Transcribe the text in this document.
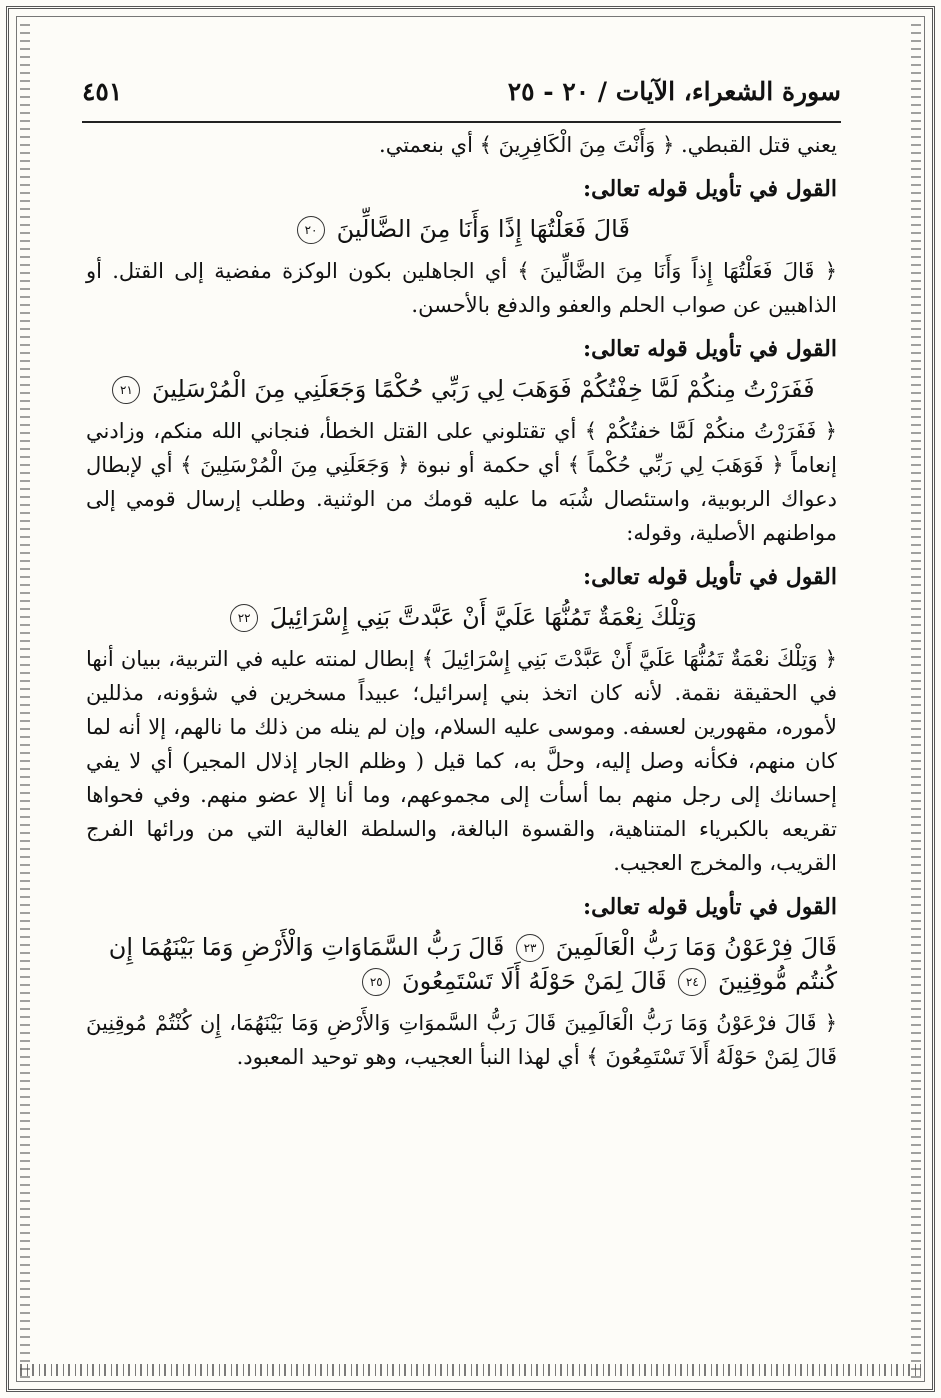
سورة الشعراء، الآيات / ٢٠ - ٢٥
٤٥١

يعني قتل القبطي. ﴿ وَأَنْتَ مِنَ الْكَافِرِينَ ﴾ أي بنعمتي.

القول في تأويل قوله تعالى:
قَالَ فَعَلْتُهَا إِذًا وَأَنَا مِنَ الضَّالِّينَ ٢٠

﴿ قَالَ فَعَلْتُهَا إِذاً وَأَنَا مِنَ الضَّالِّينَ ﴾ أي الجاهلين بكون الوكزة مفضية إلى القتل. أو الذاهبين عن صواب الحلم والعفو والدفع بالأحسن.

القول في تأويل قوله تعالى:
فَفَرَرْتُ مِنكُمْ لَمَّا خِفْتُكُمْ فَوَهَبَ لِي رَبِّي حُكْمًا وَجَعَلَنِي مِنَ الْمُرْسَلِينَ ٢١

﴿ فَفَرَرْتُ منكُمْ لَمَّا خفتُكُمْ ﴾ أي تقتلوني على القتل الخطأ، فنجاني الله منكم، وزادني إنعاماً ﴿ فَوَهَبَ لِي رَبِّي حُكْماً ﴾ أي حكمة أو نبوة ﴿ وَجَعَلَنِي مِنَ الْمُرْسَلِينَ ﴾ أي لإبطال دعواك الربوبية، واستئصال شُبَه ما عليه قومك من الوثنية. وطلب إرسال قومي إلى مواطنهم الأصلية، وقوله:

القول في تأويل قوله تعالى:
وَتِلْكَ نِعْمَةٌ تَمُنُّهَا عَلَيَّ أَنْ عَبَّدتَّ بَنِي إِسْرَائِيلَ ٢٢

﴿ وَتِلْكَ نعْمَةٌ تَمُنُّهَا عَلَيَّ أَنْ عَبَّدْتَ بَنِي إِسْرَائِيلَ ﴾ إبطال لمنته عليه في التربية، ببيان أنها في الحقيقة نقمة. لأنه كان اتخذ بني إسرائيل؛ عبيداً مسخرين في شؤونه، مذللين لأموره، مقهورين لعسفه. وموسى عليه السلام، وإن لم ينله من ذلك ما نالهم، إلا أنه لما كان منهم، فكأنه وصل إليه، وحلَّ به، كما قيل ( وظلم الجار إذلال المجير) أي لا يفي إحسانك إلى رجل منهم بما أسأت إلى مجموعهم، وما أنا إلا عضو منهم. وفي فحواها تقريعه بالكبرياء المتناهية، والقسوة البالغة، والسلطة الغالية التي من ورائها الفرج القريب، والمخرج العجيب.

القول في تأويل قوله تعالى:
قَالَ فِرْعَوْنُ وَمَا رَبُّ الْعَالَمِينَ ٢٣ قَالَ رَبُّ السَّمَاوَاتِ وَالْأَرْضِ وَمَا بَيْنَهُمَا إِن كُنتُم مُّوقِنِينَ ٢٤ قَالَ لِمَنْ حَوْلَهُ أَلَا تَسْتَمِعُونَ ٢٥

﴿ قَالَ فرْعَوْنُ وَمَا رَبُّ الْعَالَمِينَ قَالَ رَبُّ السَّموَاتِ وَالأَرْضِ وَمَا بَيْنَهُمَا، إِن كُنْتُمْ مُوقِنِينَ قَالَ لِمَنْ حَوْلَهُ أَلاَ تَسْتَمِعُونَ ﴾ أي لهذا النبأ العجيب، وهو توحيد المعبود.
